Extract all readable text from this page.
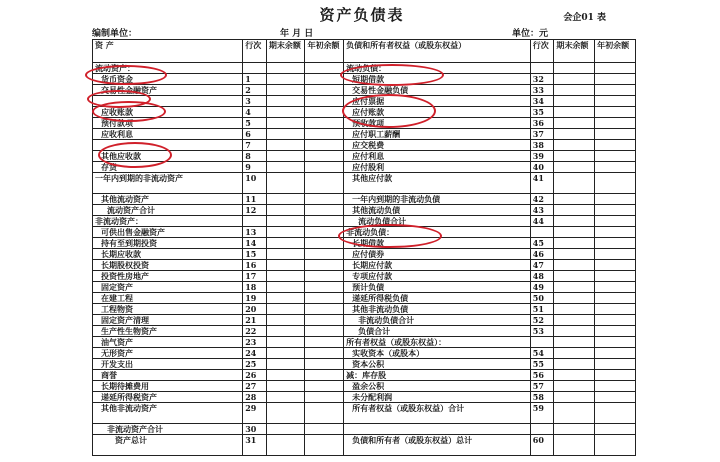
资产负债表	会企01 表
编制单位：	年 月 日	单位：元
资 产	行次	期末余额	年初余额	负债和所有者权益（或股东权益）	行次	期末余额	年初余额
流动资产：				流动负债：			
货币资金	1			短期借款	32		
交易性金融资产	2			交易性金融负债	33		
	3			应付票据	34		
应收账款	4			应付账款	35		
预付款项	5			预收款项	36		
应收利息	6			应付职工薪酬	37		
	7			应交税费	38		
其他应收款	8			应付利息	39		
存货	9			应付股利	40		
一年内到期的非流动资产	10			其他应付款	41		
其他流动资产	11			一年内到期的非流动负债	42		
流动资产合计	12			其他流动负债	43		
非流动资产：				流动负债合计	44		
可供出售金融资产	13			非流动负债：			
持有至到期投资	14			长期借款	45		
长期应收款	15			应付债券	46		
长期股权投资	16			长期应付款	47		
投资性房地产	17			专项应付款	48		
固定资产	18			预计负债	49		
在建工程	19			递延所得税负债	50		
工程物资	20			其他非流动负债	51		
固定资产清理	21			非流动负债合计	52		
生产性生物资产	22			负债合计	53		
油气资产	23			所有者权益（或股东权益）：			
无形资产	24			实收资本（或股本）	54		
开发支出	25			资本公积	55		
商誉	26			减：库存股	56		
长期待摊费用	27			盈余公积	57		
递延所得税资产	28			未分配利润	58		
其他非流动资产	29			所有者权益（或股东权益）合计	59		
非流动资产合计	30						
资产总计	31			负债和所有者（或股东权益）总计	60		
